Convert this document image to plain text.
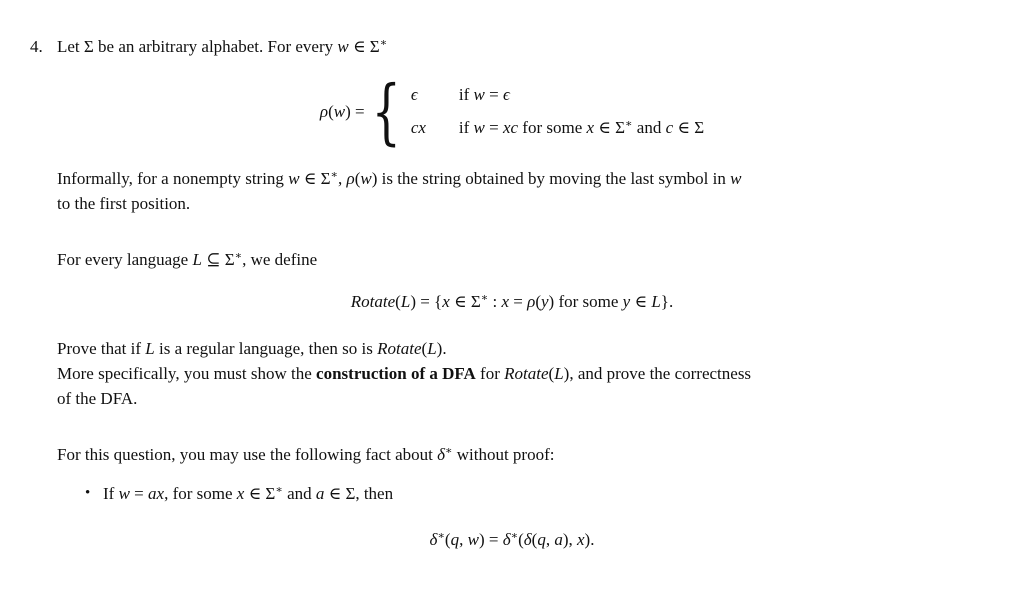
4. Let Σ be an arbitrary alphabet. For every w ∈ Σ∗
ρ(w) = { ϵ	if w = ϵ
cx	if w = xc for some x ∈ Σ∗ and c ∈ Σ
Informally, for a nonempty string w ∈ Σ∗, ρ(w) is the string obtained by moving the last symbol in w
to the first position.
For every language L ⊆ Σ∗, we define
Rotate(L) = {x ∈ Σ∗ : x = ρ(y) for some y ∈ L}.
Prove that if L is a regular language, then so is Rotate(L).
More specifically, you must show the construction of a DFA for Rotate(L), and prove the correctness
of the DFA.
For this question, you may use the following fact about δ∗ without proof:
• If w = ax, for some x ∈ Σ∗ and a ∈ Σ, then
δ∗(q, w) = δ∗(δ(q, a), x).
